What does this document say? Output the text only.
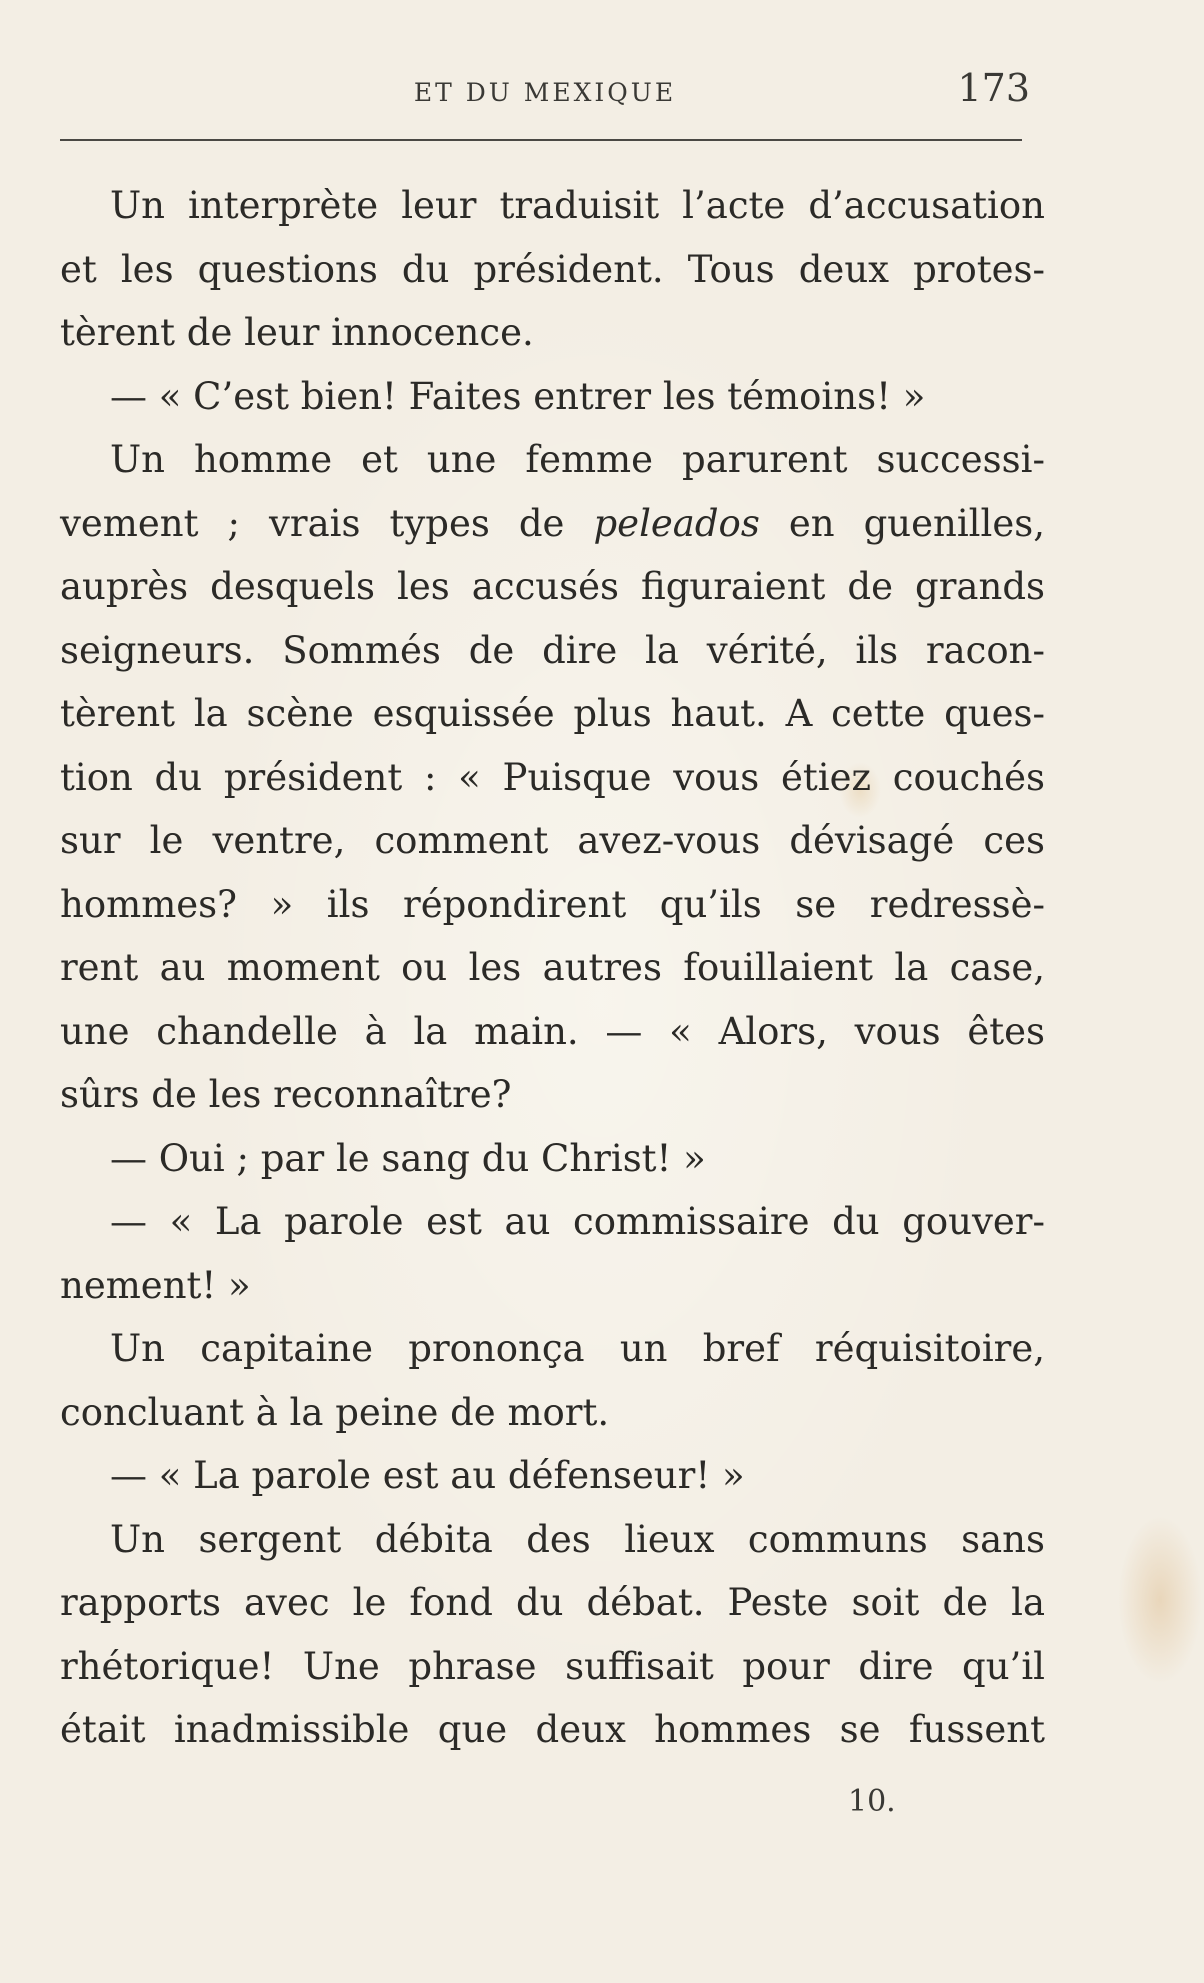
ET DU MEXIQUE	173
Un interprète leur traduisit l’acte d’accusation
et les questions du président. Tous deux protes-
tèrent de leur innocence.
— « C’est bien! Faites entrer les témoins! »
Un homme et une femme parurent successi-
vement ; vrais types de peleados en guenilles,
auprès desquels les accusés figuraient de grands
seigneurs. Sommés de dire la vérité, ils racon-
tèrent la scène esquissée plus haut. A cette ques-
tion du président : « Puisque vous étiez couchés
sur le ventre, comment avez-vous dévisagé ces
hommes? » ils répondirent qu’ils se redressè-
rent au moment ou les autres fouillaient la case,
une chandelle à la main. — « Alors, vous êtes
sûrs de les reconnaître?
— Oui ; par le sang du Christ! »
— « La parole est au commissaire du gouver-
nement! »
Un capitaine prononça un bref réquisitoire,
concluant à la peine de mort.
— « La parole est au défenseur! »
Un sergent débita des lieux communs sans
rapports avec le fond du débat. Peste soit de la
rhétorique! Une phrase suffisait pour dire qu’il
était inadmissible que deux hommes se fussent
10.
